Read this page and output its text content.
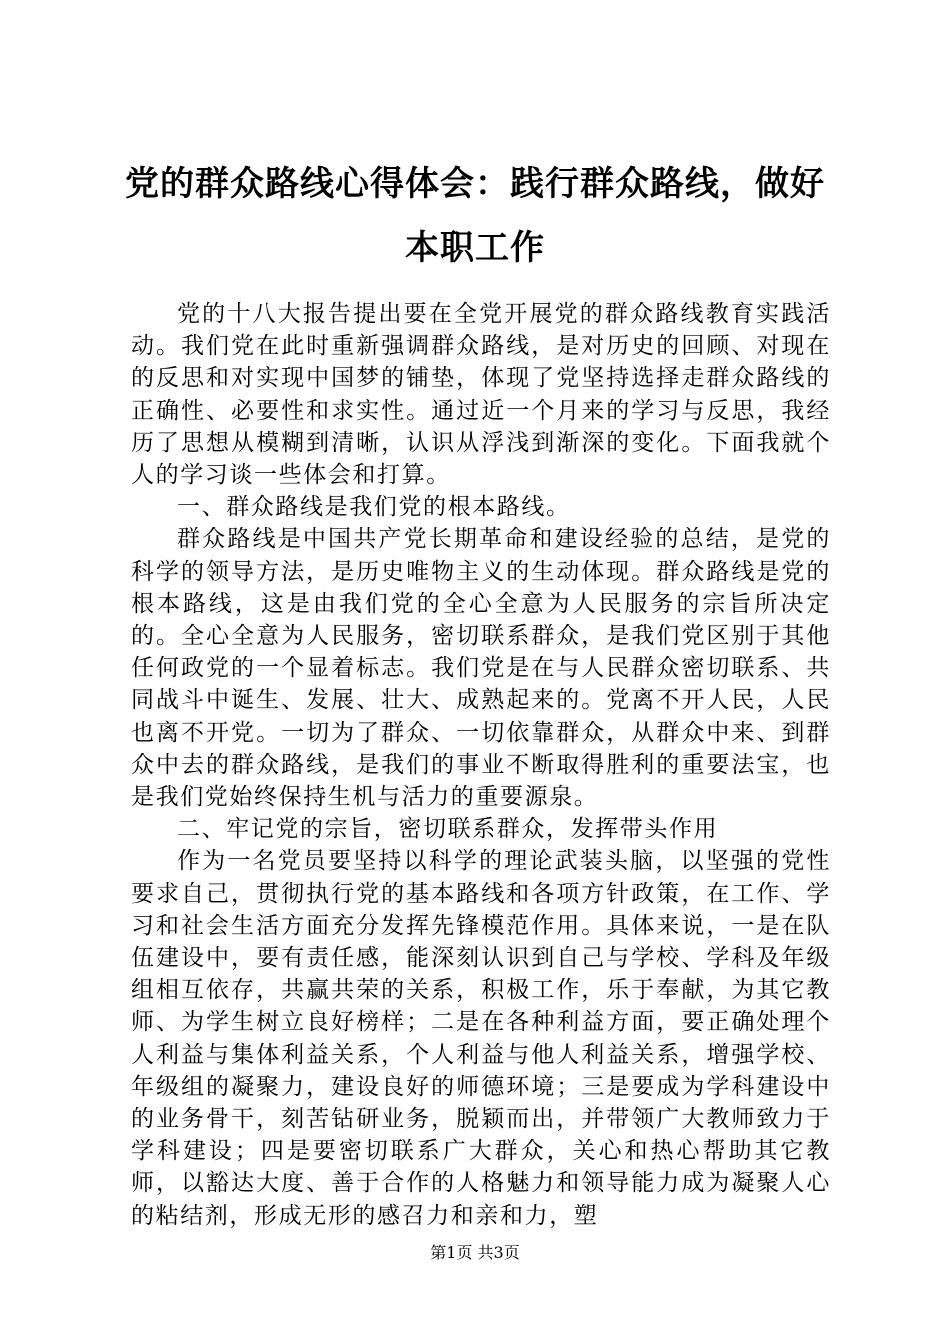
党的群众路线心得体会：践行群众路线，做好本职工作

党的十八大报告提出要在全党开展党的群众路线教育实践活动。我们党在此时重新强调群众路线，是对历史的回顾、对现在的反思和对实现中国梦的铺垫，体现了党坚持选择走群众路线的正确性、必要性和求实性。通过近一个月来的学习与反思，我经历了思想从模糊到清晰，认识从浮浅到渐深的变化。下面我就个人的学习谈一些体会和打算。

一、群众路线是我们党的根本路线。

群众路线是中国共产党长期革命和建设经验的总结，是党的科学的领导方法，是历史唯物主义的生动体现。群众路线是党的根本路线，这是由我们党的全心全意为人民服务的宗旨所决定的。全心全意为人民服务，密切联系群众，是我们党区别于其他任何政党的一个显着标志。我们党是在与人民群众密切联系、共同战斗中诞生、发展、壮大、成熟起来的。党离不开人民，人民也离不开党。一切为了群众、一切依靠群众，从群众中来、到群众中去的群众路线，是我们的事业不断取得胜利的重要法宝，也是我们党始终保持生机与活力的重要源泉。

二、牢记党的宗旨，密切联系群众，发挥带头作用

作为一名党员要坚持以科学的理论武装头脑，以坚强的党性要求自己，贯彻执行党的基本路线和各项方针政策，在工作、学习和社会生活方面充分发挥先锋模范作用。具体来说，一是在队伍建设中，要有责任感，能深刻认识到自己与学校、学科及年级组相互依存，共赢共荣的关系，积极工作，乐于奉献，为其它教师、为学生树立良好榜样；二是在各种利益方面，要正确处理个人利益与集体利益关系，个人利益与他人利益关系，增强学校、年级组的凝聚力，建设良好的师德环境；三是要成为学科建设中的业务骨干，刻苦钻研业务，脱颖而出，并带领广大教师致力于学科建设；四是要密切联系广大群众，关心和热心帮助其它教师，以豁达大度、善于合作的人格魅力和领导能力成为凝聚人心的粘结剂，形成无形的感召力和亲和力，塑

第1页 共3页
